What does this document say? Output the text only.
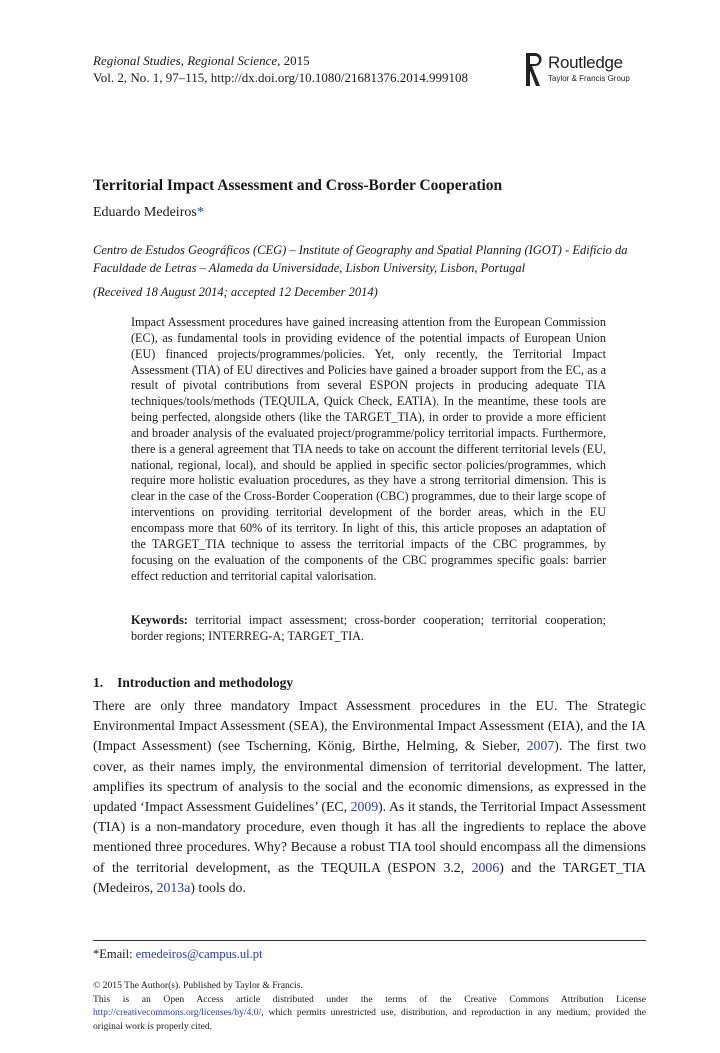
Regional Studies, Regional Science, 2015
Vol. 2, No. 1, 97–115, http://dx.doi.org/10.1080/21681376.2014.999108
Routledge
Taylor & Francis Group
Territorial Impact Assessment and Cross-Border Cooperation
Eduardo Medeiros*
Centro de Estudos Geográficos (CEG) – Institute of Geography and Spatial Planning (IGOT) - Edifício da Faculdade de Letras – Alameda da Universidade, Lisbon University, Lisbon, Portugal
(Received 18 August 2014; accepted 12 December 2014)
Impact Assessment procedures have gained increasing attention from the European Commission (EC), as fundamental tools in providing evidence of the potential impacts of European Union (EU) financed projects/programmes/policies. Yet, only recently, the Territorial Impact Assessment (TIA) of EU directives and Policies have gained a broader support from the EC, as a result of pivotal contributions from several ESPON projects in producing adequate TIA techniques/tools/methods (TEQUILA, Quick Check, EATIA). In the meantime, these tools are being perfected, alongside others (like the TARGET_TIA), in order to provide a more efficient and broader analysis of the evaluated project/programme/policy territorial impacts. Furthermore, there is a general agreement that TIA needs to take on account the different territorial levels (EU, national, regional, local), and should be applied in specific sector policies/programmes, which require more holistic evaluation procedures, as they have a strong territorial dimension. This is clear in the case of the Cross-Border Cooperation (CBC) programmes, due to their large scope of interventions on providing territorial development of the border areas, which in the EU encompass more that 60% of its territory. In light of this, this article proposes an adaptation of the TARGET_TIA technique to assess the territorial impacts of the CBC programmes, by focusing on the evaluation of the components of the CBC programmes specific goals: barrier effect reduction and territorial capital valorisation.
Keywords: territorial impact assessment; cross-border cooperation; territorial cooperation; border regions; INTERREG-A; TARGET_TIA.
1. Introduction and methodology
There are only three mandatory Impact Assessment procedures in the EU. The Strategic Environmental Impact Assessment (SEA), the Environmental Impact Assessment (EIA), and the IA (Impact Assessment) (see Tscherning, König, Birthe, Helming, & Sieber, 2007). The first two cover, as their names imply, the environmental dimension of territorial development. The latter, amplifies its spectrum of analysis to the social and the economic dimensions, as expressed in the updated ‘Impact Assessment Guidelines’ (EC, 2009). As it stands, the Territorial Impact Assessment (TIA) is a non-mandatory procedure, even though it has all the ingredients to replace the above mentioned three procedures. Why? Because a robust TIA tool should encompass all the dimensions of the territorial development, as the TEQUILA (ESPON 3.2, 2006) and the TARGET_TIA (Medeiros, 2013a) tools do.
*Email: emedeiros@campus.ul.pt
© 2015 The Author(s). Published by Taylor & Francis.
This is an Open Access article distributed under the terms of the Creative Commons Attribution License http://creativecommons.org/licenses/by/4.0/, which permits unrestricted use, distribution, and reproduction in any medium, provided the original work is properly cited.
